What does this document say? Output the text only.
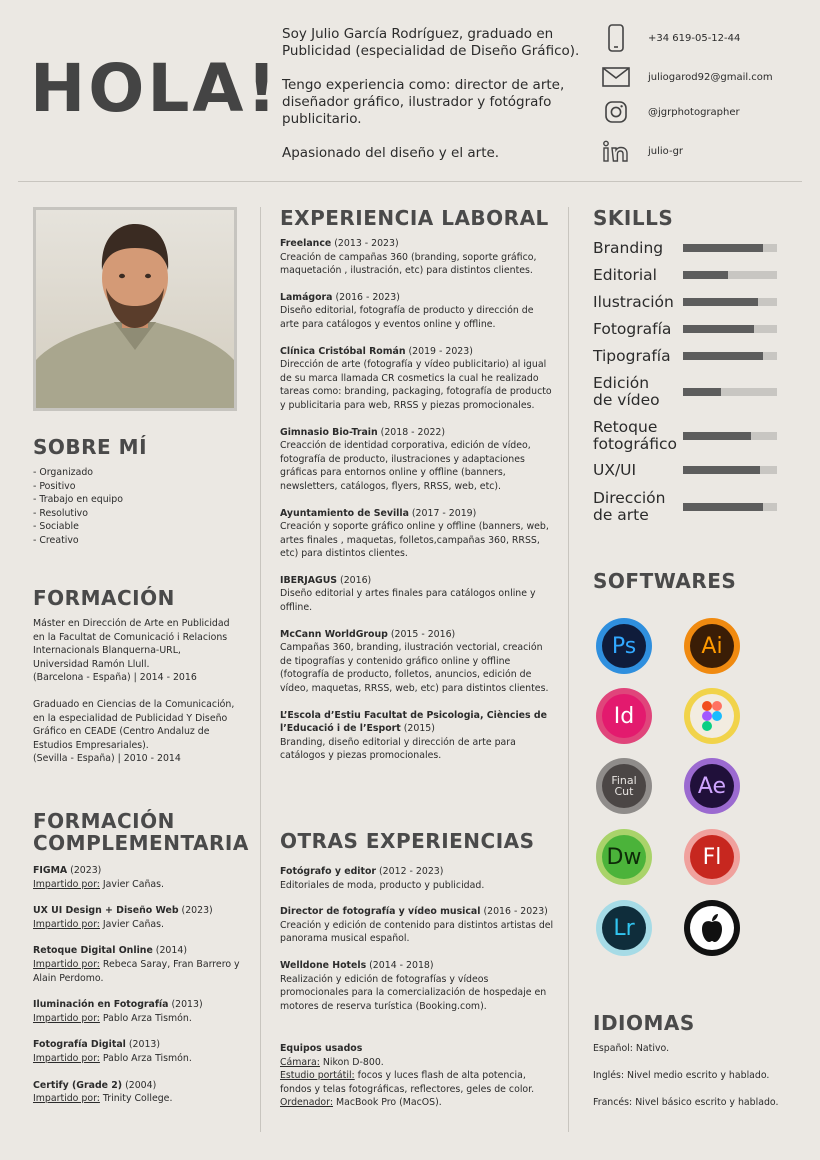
HOLA!

Soy Julio García Rodríguez, graduado en Publicidad (especialidad de Diseño Gráfico).

Tengo experiencia como: director de arte, diseñador gráfico, ilustrador y fotógrafo publicitario.

Apasionado del diseño y el arte.

+34 619-05-12-44
juliogarod92@gmail.com
@jgrphotographer
julio-gr
SOBRE MÍ
- Organizado
- Positivo
- Trabajo en equipo
- Resolutivo
- Sociable
- Creativo
FORMACIÓN
Máster en Dirección de Arte en Publicidad en la Facultat de Comunicació i Relacions Internacionals Blanquerna-URL, Universidad Ramón Llull.
(Barcelona - España) | 2014 - 2016
Graduado en Ciencias de la Comunicación, en la especialidad de Publicidad Y Diseño Gráfico en CEADE (Centro Andaluz de Estudios Empresariales).
(Sevilla - España) | 2010 - 2014
FORMACIÓN
COMPLEMENTARIA
FIGMA (2023)
Impartido por: Javier Cañas.
UX UI Design + Diseño Web (2023)
Impartido por: Javier Cañas.
Retoque Digital Online (2014)
Impartido por: Rebeca Saray, Fran Barrero y Alain Perdomo.
Iluminación en Fotografía (2013)
Impartido por: Pablo Arza Tismón.
Fotografía Digital (2013)
Impartido por: Pablo Arza Tismón.
Certify (Grade 2) (2004)
Impartido por: Trinity College.
EXPERIENCIA LABORAL
Freelance (2013 - 2023)
Creación de campañas 360 (branding, soporte gráfico, maquetación , ilustración, etc) para distintos clientes.
Lamágora (2016 - 2023)
Diseño editorial, fotografía de producto y dirección de arte para catálogos y eventos online y offline.
Clínica Cristóbal Román (2019 - 2023)
Dirección de arte (fotografía y vídeo publicitario) al igual de su marca llamada CR cosmetics la cual he realizado tareas como: branding, packaging, fotografía de producto y publicitaria para web, RRSS y piezas promocionales.
Gimnasio Bio-Train (2018 - 2022)
Creacción de identidad corporativa, edición de vídeo, fotografía de producto, ilustraciones y adaptaciones gráficas para entornos online y offline (banners, newsletters, catálogos, flyers, RRSS, web, etc).
Ayuntamiento de Sevilla (2017 - 2019)
Creación y soporte gráfico online y offline (banners, web, artes finales , maquetas, folletos,campañas 360, RRSS, etc) para distintos clientes.
IBERJAGUS (2016)
Diseño editorial y artes finales para catálogos online y offline.
McCann WorldGroup (2015 - 2016)
Campañas 360, branding, ilustración vectorial, creación de tipografías y contenido gráfico online y offline (fotografía de producto, folletos, anuncios, edición de vídeo, maquetas, RRSS, web, etc) para distintos clientes.
L’Escola d’Estiu Facultat de Psicologia, Ciències de l’Educació i de l’Esport (2015)
Branding, diseño editorial y dirección de arte para catálogos y piezas promocionales.
OTRAS EXPERIENCIAS
Fotógrafo y editor (2012 - 2023)
Editoriales de moda, producto y publicidad.
Director de fotografía y vídeo musical (2016 - 2023)
Creación y edición de contenido para distintos artistas del panorama musical español.
Welldone Hotels (2014 - 2018)
Realización y edición de fotografías y vídeos promocionales para la comercialización de hospedaje en motores de reserva turística (Booking.com).
Equipos usados
Cámara: Nikon D-800.
Estudio portátil: focos y luces flash de alta potencia, fondos y telas fotográficas, reflectores, geles de color.
Ordenador: MacBook Pro (MacOS).
SKILLS
Branding
Editorial
Ilustración
Fotografía
Tipografía
Edición
de vídeo
Retoque
fotográfico
UX/UI
Dirección
de arte
SOFTWARES
Ps	Ai
Id
Final
Cut	Ae
Dw	Fl
Lr
IDIOMAS
Español: Nativo.
Inglés: Nivel medio escrito y hablado.
Francés: Nivel básico escrito y hablado.
